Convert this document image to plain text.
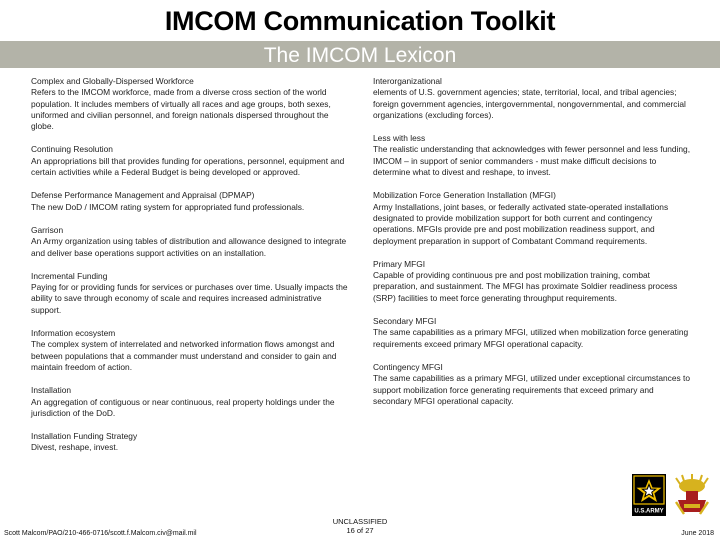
IMCOM Communication Toolkit
The IMCOM Lexicon
Complex and Globally-Dispersed Workforce
Refers to the IMCOM workforce, made from a diverse cross section of the world population. It includes members of virtually all races and age groups, both sexes, uniformed and civilian personnel, and foreign nationals dispersed throughout the globe.
Continuing Resolution
An appropriations bill that provides funding for operations, personnel, equipment and certain activities while a Federal Budget is being developed or approved.
Defense Performance Management and Appraisal (DPMAP)
The new DoD / IMCOM rating system for appropriated fund professionals.
Garrison
An Army organization using tables of distribution and allowance designed to integrate and deliver base operations support activities on an installation.
Incremental Funding
Paying for or providing funds for services or purchases over time. Usually impacts the ability to save through economy of scale and requires increased administrative support.
Information ecosystem
The complex system of interrelated and networked information flows amongst and between populations that a commander must understand and consider to gain and maintain freedom of action.
Installation
An aggregation of contiguous or near continuous, real property holdings under the jurisdiction of the DoD.
Installation Funding Strategy
Divest, reshape, invest.
Interorganizational
elements of U.S. government agencies; state, territorial, local, and tribal agencies; foreign government agencies, intergovernmental, nongovernmental, and commercial organizations (excluding forces).
Less with less
The realistic understanding that acknowledges with fewer personnel and less funding, IMCOM – in support of senior commanders - must make difficult decisions to determine what to divest and reshape, to invest.
Mobilization Force Generation Installation (MFGI)
Army Installations, joint bases, or federally activated state-operated installations designated to provide mobilization support for both current and contingency operations. MFGIs provide pre and post mobilization readiness support, and deployment preparation in support of Combatant Command requirements.
Primary MFGI
Capable of providing continuous pre and post mobilization training, combat preparation, and sustainment. The MFGI has proximate Soldier readiness process (SRP) facilities to meet force generating throughput requirements.
Secondary MFGI
The same capabilities as a primary MFGI, utilized when mobilization force generating requirements exceed primary MFGI operational capacity.
Contingency MFGI
The same capabilities as a primary MFGI, utilized under exceptional circumstances to support mobilization force generating requirements that exceed primary and secondary MFGI operational capacity.
U.S.ARMY
Scott Malcom/PAO/210-466-0716/scott.f.Malcom.civ@mail.mil
UNCLASSIFIED
16 of 27	June 2018
